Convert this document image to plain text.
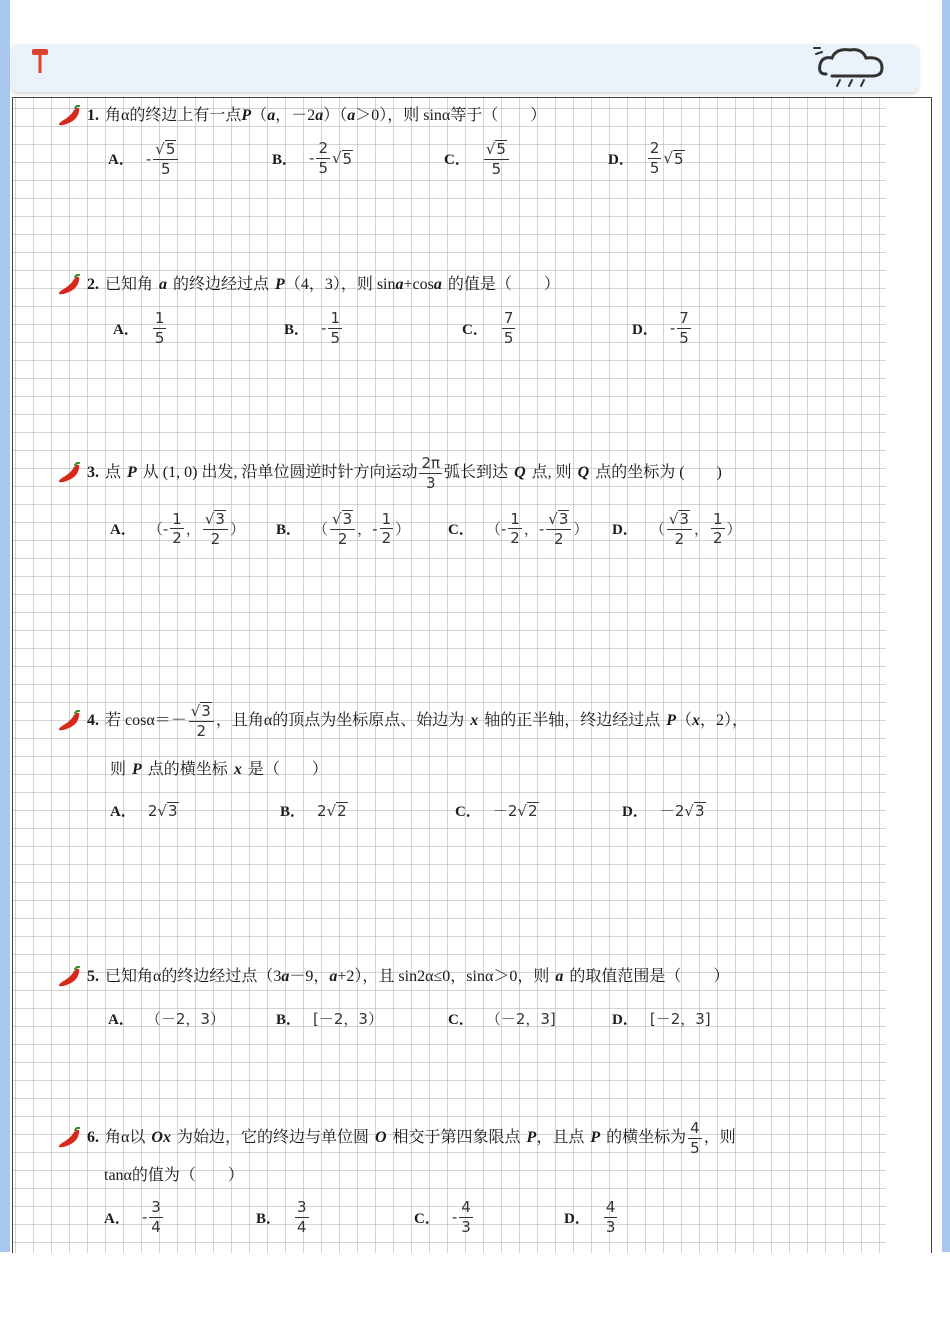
1. 角α的终边上有一点 P （ a ，－2 a ）（ a ＞0），则 sinα等于（　　）
A． - $\frac{√ 5}{5}$	B． - $\frac{2}{5}$ √ 5	C． $\frac{√ 5}{5}$	D． $\frac{2}{5}$ √ 5
2. 已知角 a 的终边经过点 P （4，3），则 sin a +cos a 的值是（　　）
A． $\frac{1}{5}$	B． - $\frac{1}{5}$	C． $\frac{7}{5}$	D． - $\frac{7}{5}$
3. 点 P 从 (1, 0) 出发, 沿单位圆逆时针方向运动 $\frac{2\pi}{3}$ 弧长到达 Q 点, 则 Q 点的坐标为 (　　)
A． （ - $\frac{1}{2}$ ， $\frac{√ 3}{2}$ ） B． （ $\frac{√ 3}{2}$ ， - $\frac{1}{2}$ ）	C． （ - $\frac{1}{2}$ ， - $\frac{√ 3}{2}$ ） D． （ $\frac{√ 3}{2}$ ， $\frac{1}{2}$ ）
4. 若 $\cos\alpha=- \frac{√ 3}{2}$ ，且角α的顶点为坐标原点、始边为 x 轴的正半轴，终边经过点 P （ x ，2），
则 P 点的横坐标 x 是（　　）
A． 2 √ 3	B． 2 √ 2	C． －2 √ 2	D． －2 √ 3
5. 已知角α的终边经过点（3 a －9， a +2），且 sin2α≤0，sinα＞0，则 a 的取值范围是（　　）
A． （－2，3）	B． [－2，3）	C． （－2，3]	D． [－2，3]
6. 角α以 Ox 为始边，它的终边与单位圆 O 相交于第四象限点 P ，且点 P 的横坐标为 $\frac{4}{5}$ ，则
tanα的值为（　　）
A． - $\frac{3}{4}$	B． $\frac{3}{4}$	C． - $\frac{4}{3}$	D． $\frac{4}{3}$
